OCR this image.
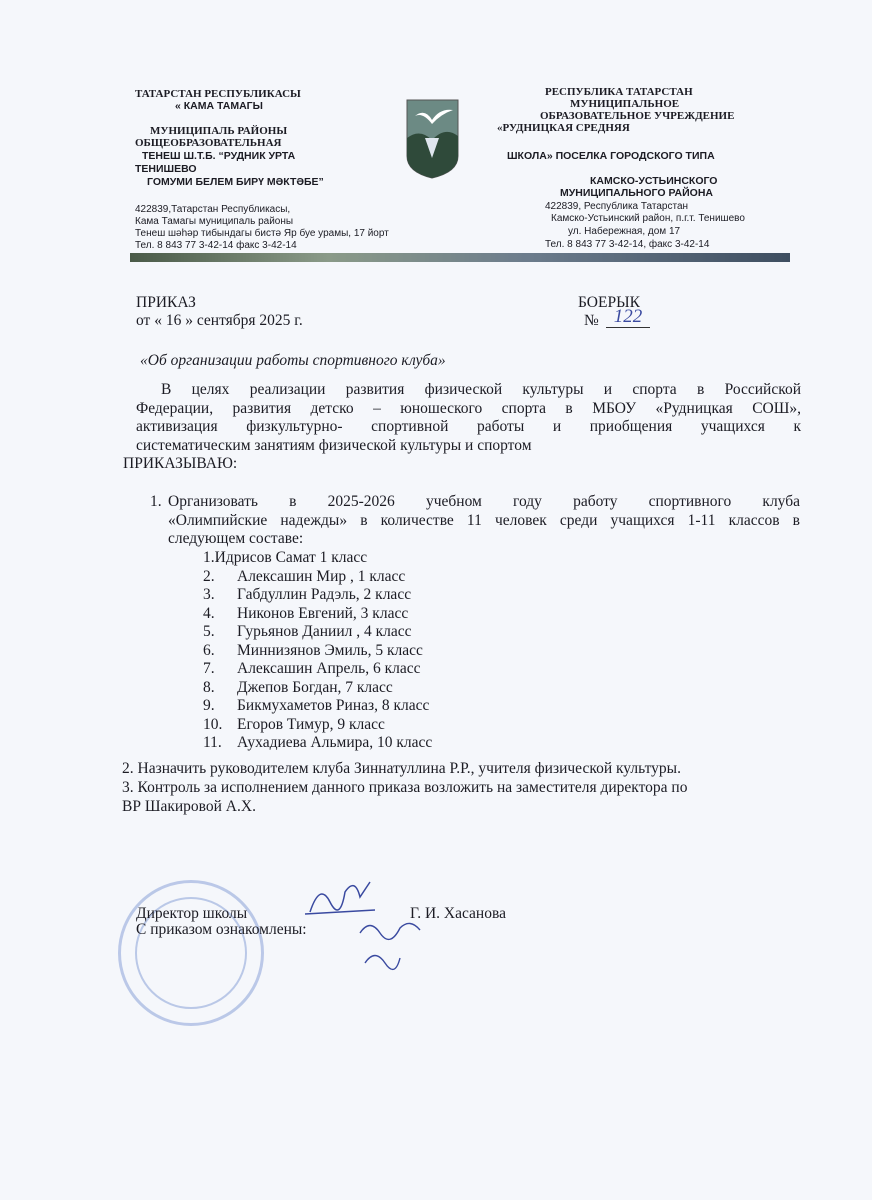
ТАТАРСТАН РЕСПУБЛИКАСЫ
« КАМА ТАМАГЫ
МУНИЦИПАЛЬ РАЙОНЫ
ОБЩЕОБРАЗОВАТЕЛЬНАЯ
ТЕНЕШ Ш.Т.Б. “РУДНИК УРТА
ТЕНИШЕВО
ГОМУМИ БЕЛЕМ БИРҮ МӘКТӘБЕ”
422839,Татарстан Республикасы,
Кама Тамагы муниципаль районы
Тенеш шәһәр тибындагы бистә Яр буе урамы, 17 йорт
Тел. 8 843 77 3-42-14 факс 3-42-14
РЕСПУБЛИКА ТАТАРСТАН
МУНИЦИПАЛЬНОЕ
ОБРАЗОВАТЕЛЬНОЕ УЧРЕЖДЕНИЕ
«РУДНИЦКАЯ СРЕДНЯЯ
ШКОЛА» ПОСЕЛКА ГОРОДСКОГО ТИПА
КАМСКО-УСТЬИНСКОГО
МУНИЦИПАЛЬНОГО РАЙОНА
422839, Республика Татарстан
Камско-Устьинский район, п.г.т. Тенишево
ул. Набережная, дом 17
Тел. 8 843 77 3-42-14, факс 3-42-14
ПРИКАЗ
от « 16 » сентября 2025 г.
БОЕРЫК
№ 122
«Об организации работы спортивного клуба»
В целях реализации развития физической культуры и спорта в Российской
Федерации, развития детско – юношеского спорта в МБОУ «Рудницкая СОШ»,
активизация физкультурно- спортивной работы и приобщения учащихся к
систематическим занятиям физической культуры и спортом
ПРИКАЗЫВАЮ:
1. Организовать в 2025-2026 учебном году работу спортивного клуба
«Олимпийские надежды» в количестве 11 человек среди учащихся 1-11 классов в
следующем составе:
1.Идрисов Самат 1 класс
2. Алексашин Мир , 1 класс
3. Габдуллин Радэль, 2 класс
4. Никонов Евгений, 3 класс
5. Гурьянов Даниил , 4 класс
6. Миннизянов Эмиль, 5 класс
7. Алексашин Апрель, 6 класс
8. Джепов Богдан, 7 класс
9. Бикмухаметов Риназ, 8 класс
10. Егоров Тимур, 9 класс
11. Аухадиева Альмира, 10 класс
2. Назначить руководителем клуба Зиннатуллина Р.Р., учителя физической культуры.
3. Контроль за исполнением данного приказа возложить на заместителя директора по
ВР Шакировой А.Х.
Директор школы	Г. И. Хасанова
С приказом ознакомлены:
